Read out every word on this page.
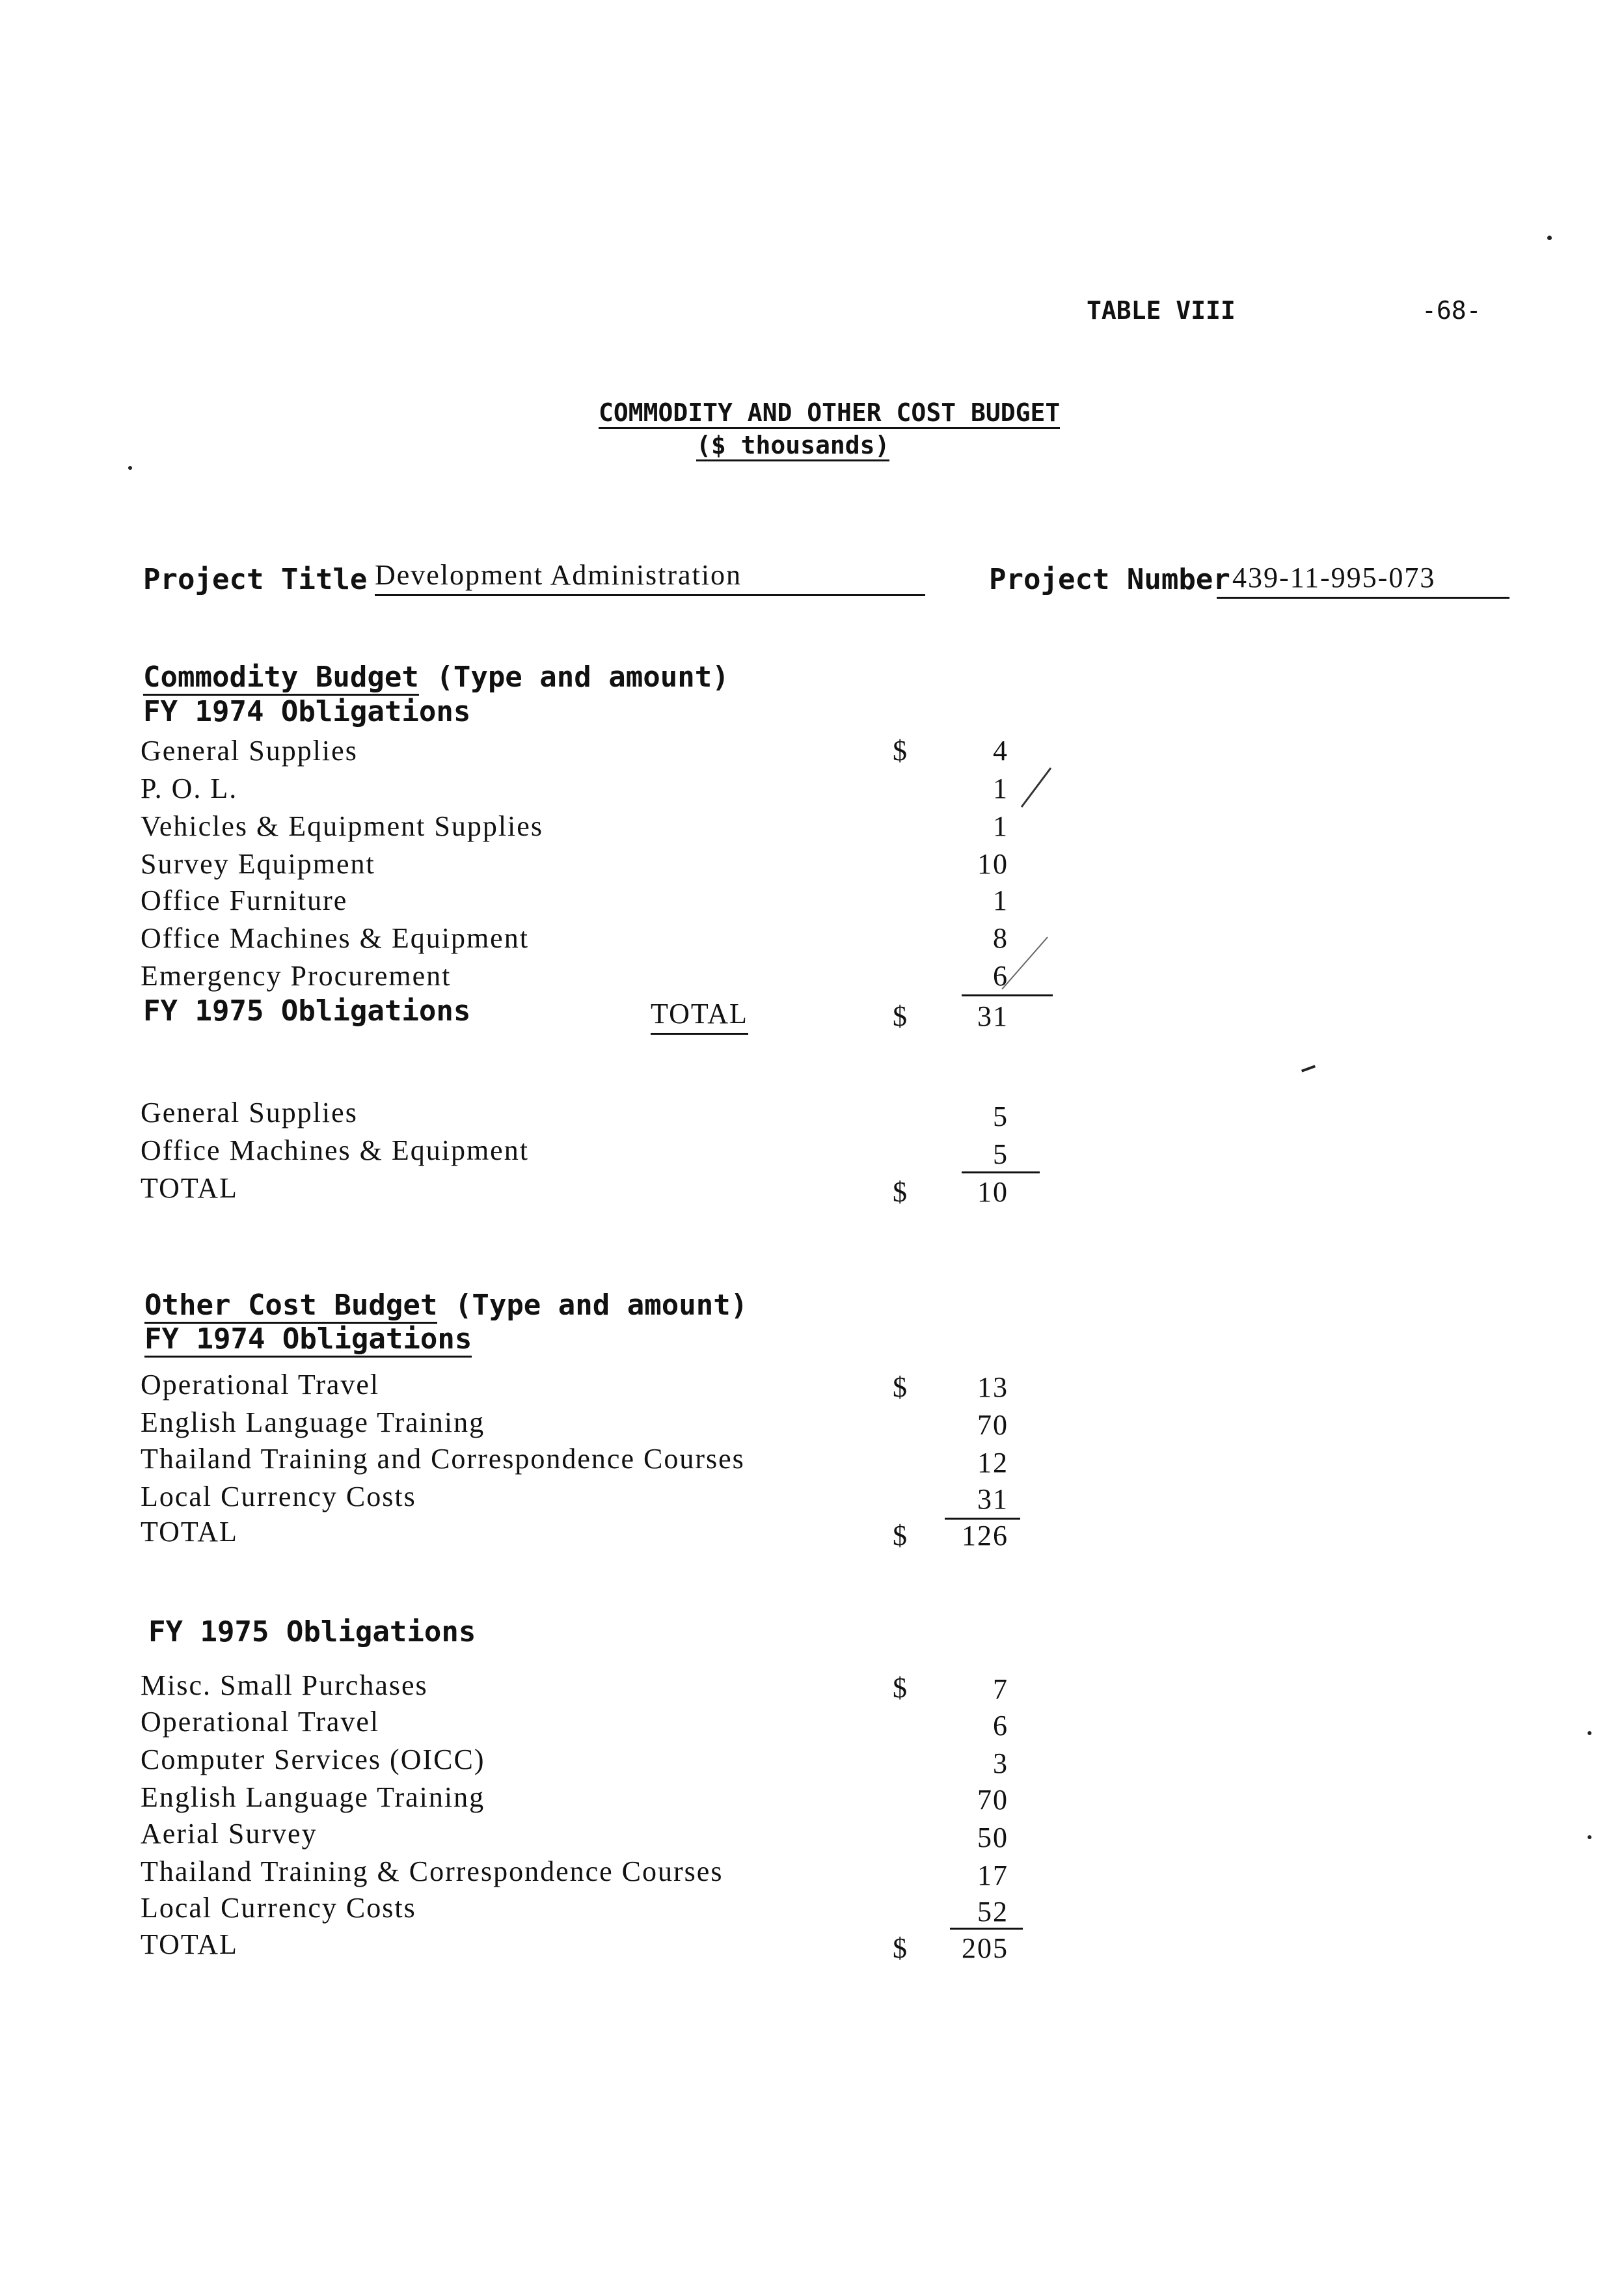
TABLE VIII	-68-
COMMODITY AND OTHER COST BUDGET
($ thousands)
Project Title Development Administration	Project Number 439-11-995-073
Commodity Budget (Type and amount)
FY 1974 Obligations
General Supplies	$	4
P. O. L.	1
Vehicles & Equipment Supplies	1
Survey Equipment	10
Office Furniture	1
Office Machines & Equipment	8
Emergency Procurement	6
FY 1975 Obligations	TOTAL	$	31
General Supplies	5
Office Machines & Equipment	5
TOTAL	$	10
Other Cost Budget (Type and amount)
FY 1974 Obligations
Operational Travel	$	13
English Language Training	70
Thailand Training and Correspondence Courses	12
Local Currency Costs	31
TOTAL	$	126
FY 1975 Obligations
Misc. Small Purchases	$	7
Operational Travel	6
Computer Services (OICC)	3
English Language Training	70
Aerial Survey	50
Thailand Training & Correspondence Courses	17
Local Currency Costs	52
TOTAL	$	205
